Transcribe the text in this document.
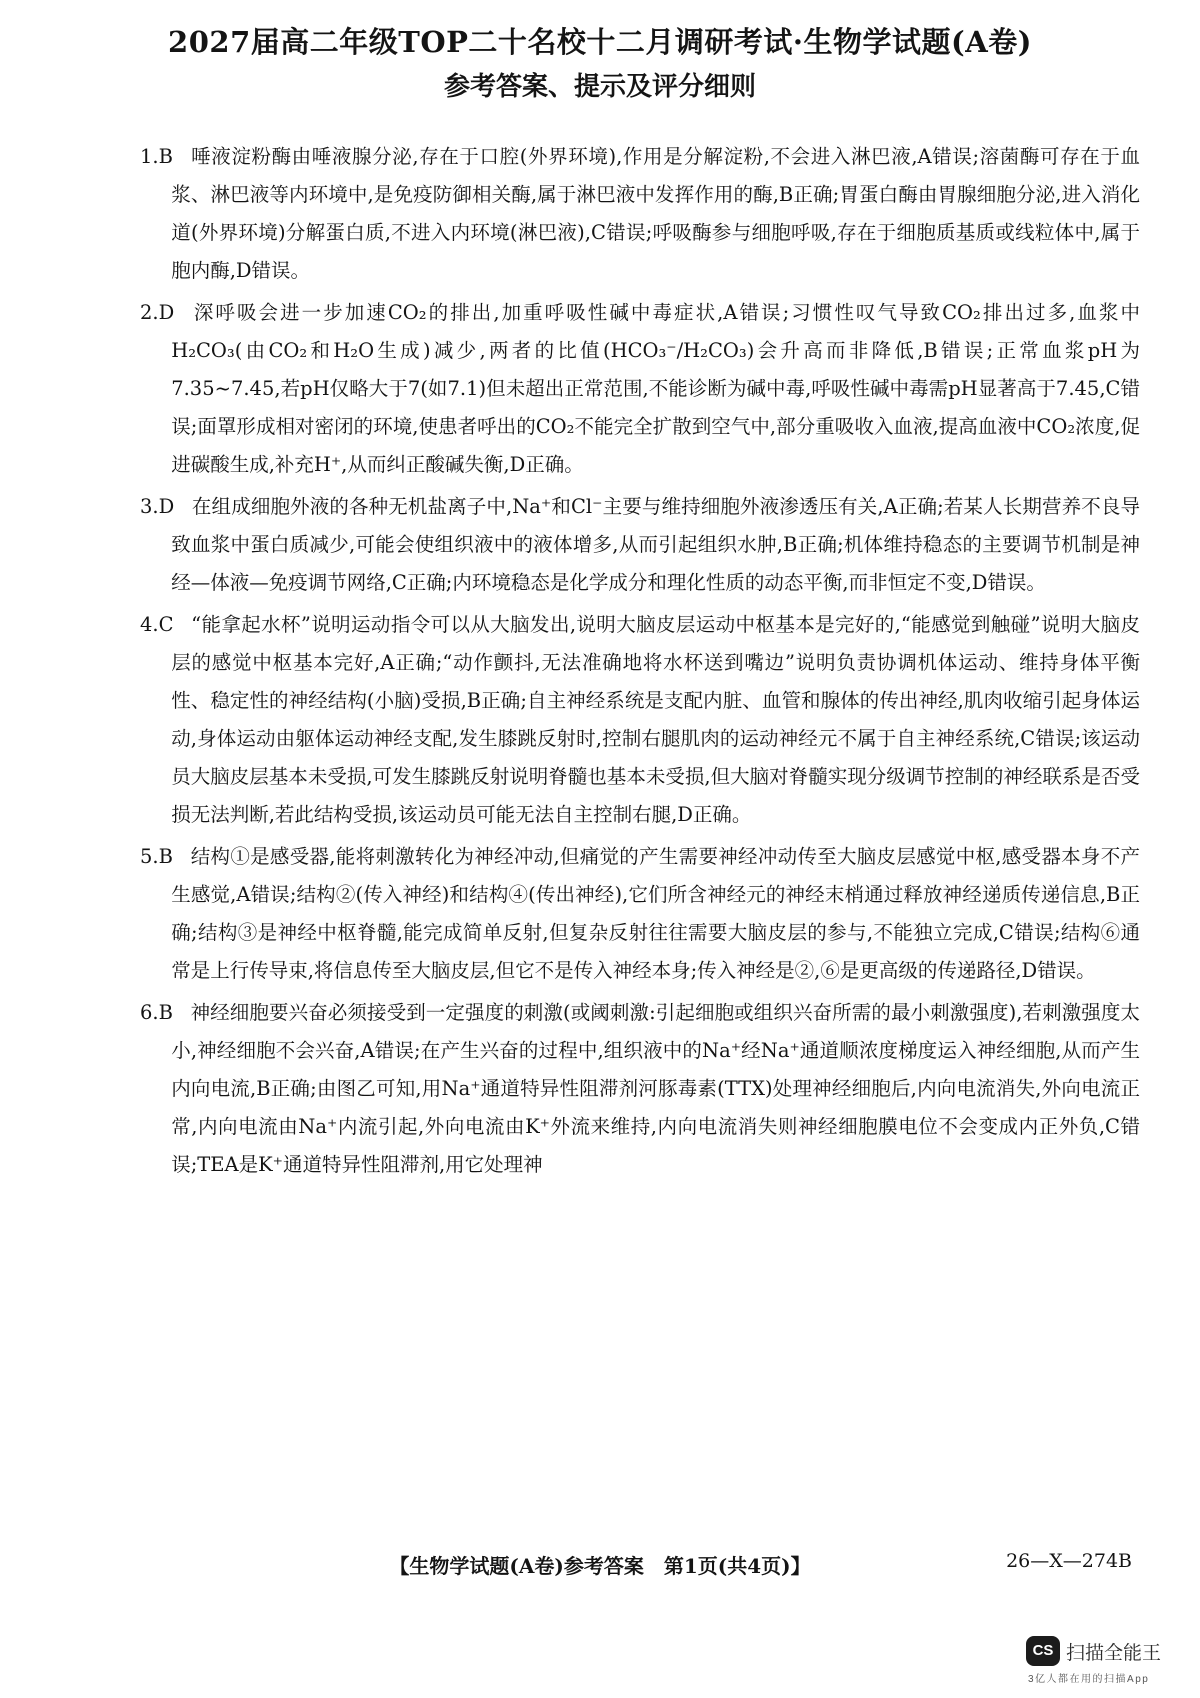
2027届高二年级TOP二十名校十二月调研考试·生物学试题(A卷)
参考答案、提示及评分细则

1.B 唾液淀粉酶由唾液腺分泌,存在于口腔(外界环境),作用是分解淀粉,不会进入淋巴液,A错误;溶菌酶可存在于血浆、淋巴液等内环境中,是免疫防御相关酶,属于淋巴液中发挥作用的酶,B正确;胃蛋白酶由胃腺细胞分泌,进入消化道(外界环境)分解蛋白质,不进入内环境(淋巴液),C错误;呼吸酶参与细胞呼吸,存在于细胞质基质或线粒体中,属于胞内酶,D错误。

2.D 深呼吸会进一步加速CO₂的排出,加重呼吸性碱中毒症状,A错误;习惯性叹气导致CO₂排出过多,血浆中H₂CO₃(由CO₂和H₂O生成)减少,两者的比值(HCO₃⁻/H₂CO₃)会升高而非降低,B错误;正常血浆pH为7.35~7.45,若pH仅略大于7(如7.1)但未超出正常范围,不能诊断为碱中毒,呼吸性碱中毒需pH显著高于7.45,C错误;面罩形成相对密闭的环境,使患者呼出的CO₂不能完全扩散到空气中,部分重吸收入血液,提高血液中CO₂浓度,促进碳酸生成,补充H⁺,从而纠正酸碱失衡,D正确。

3.D 在组成细胞外液的各种无机盐离子中,Na⁺和Cl⁻主要与维持细胞外液渗透压有关,A正确;若某人长期营养不良导致血浆中蛋白质减少,可能会使组织液中的液体增多,从而引起组织水肿,B正确;机体维持稳态的主要调节机制是神经—体液—免疫调节网络,C正确;内环境稳态是化学成分和理化性质的动态平衡,而非恒定不变,D错误。

4.C “能拿起水杯”说明运动指令可以从大脑发出,说明大脑皮层运动中枢基本是完好的,“能感觉到触碰”说明大脑皮层的感觉中枢基本完好,A正确;“动作颤抖,无法准确地将水杯送到嘴边”说明负责协调机体运动、维持身体平衡性、稳定性的神经结构(小脑)受损,B正确;自主神经系统是支配内脏、血管和腺体的传出神经,肌肉收缩引起身体运动,身体运动由躯体运动神经支配,发生膝跳反射时,控制右腿肌肉的运动神经元不属于自主神经系统,C错误;该运动员大脑皮层基本未受损,可发生膝跳反射说明脊髓也基本未受损,但大脑对脊髓实现分级调节控制的神经联系是否受损无法判断,若此结构受损,该运动员可能无法自主控制右腿,D正确。

5.B 结构①是感受器,能将刺激转化为神经冲动,但痛觉的产生需要神经冲动传至大脑皮层感觉中枢,感受器本身不产生感觉,A错误;结构②(传入神经)和结构④(传出神经),它们所含神经元的神经末梢通过释放神经递质传递信息,B正确;结构③是神经中枢脊髓,能完成简单反射,但复杂反射往往需要大脑皮层的参与,不能独立完成,C错误;结构⑥通常是上行传导束,将信息传至大脑皮层,但它不是传入神经本身;传入神经是②,⑥是更高级的传递路径,D错误。

6.B 神经细胞要兴奋必须接受到一定强度的刺激(或阈刺激:引起细胞或组织兴奋所需的最小刺激强度),若刺激强度太小,神经细胞不会兴奋,A错误;在产生兴奋的过程中,组织液中的Na⁺经Na⁺通道顺浓度梯度运入神经细胞,从而产生内向电流,B正确;由图乙可知,用Na⁺通道特异性阻滞剂河豚毒素(TTX)处理神经细胞后,内向电流消失,外向电流正常,内向电流由Na⁺内流引起,外向电流由K⁺外流来维持,内向电流消失则神经细胞膜电位不会变成内正外负,C错误;TEA是K⁺通道特异性阻滞剂,用它处理神

【生物学试题(A卷)参考答案　第1页(共4页)】	26—X—274B
CS 扫描全能王
3亿人都在用的扫描App
